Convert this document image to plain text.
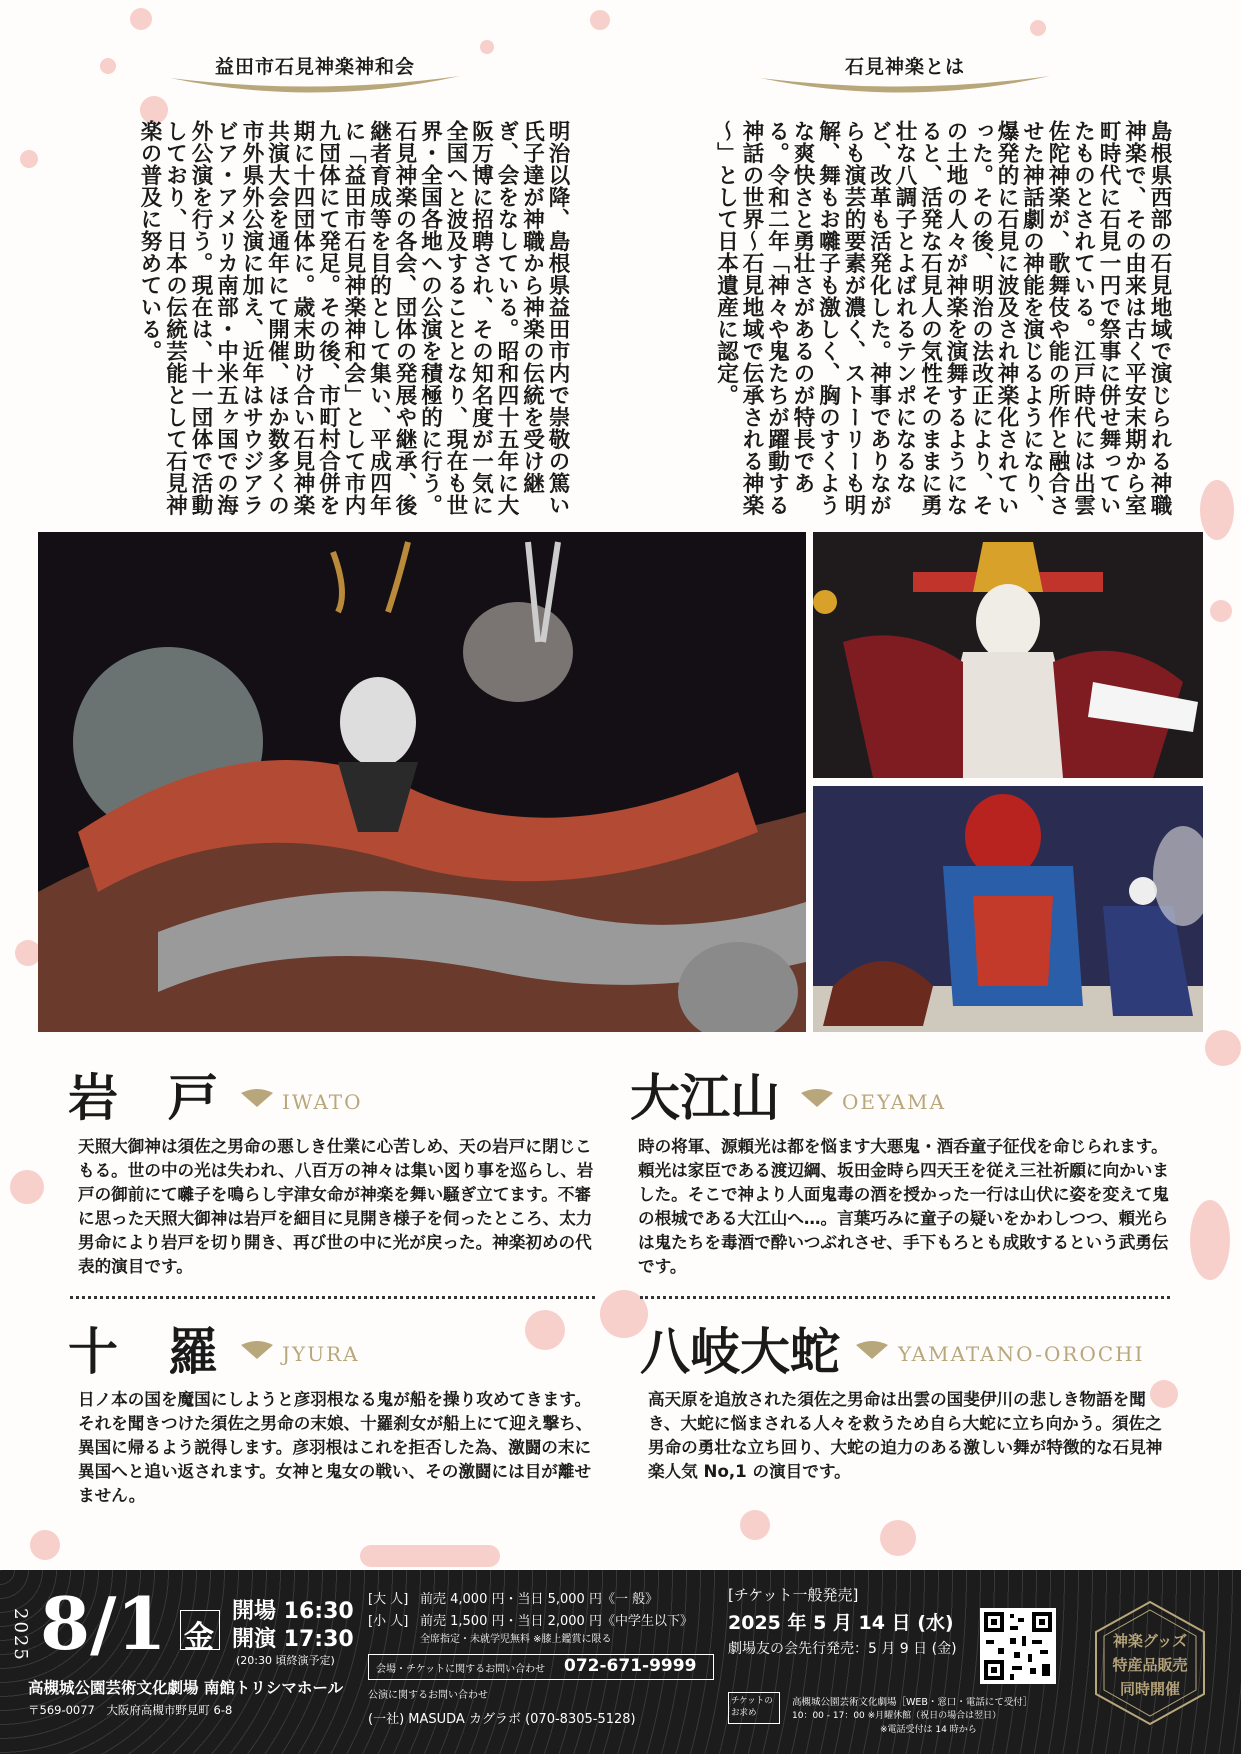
益田市石見神楽神和会	石見神楽とは
明治以降、島根県益田市内で崇敬の篤い氏子達が神職から神楽の伝統を受け継ぎ、会をなしている。昭和四十五年に大阪万博に招聘され、その知名度が一気に全国へと波及することとなり、現在も世界・全国各地への公演を積極的に行う。石見神楽の各会、団体の発展や継承、後継者育成等を目的として集い、平成四年に「益田市石見神楽神和会」として市内九団体にて発足。その後、市町村合併を期に十四団体に。歳末助け合い石見神楽共演大会を通年にて開催、ほか数多くの市外県外公演に加え、近年はサウジアラビア・アメリカ南部・中米五ヶ国での海外公演を行う。現在は、十一団体で活動しており、日本の伝統芸能として石見神楽の普及に努めている。	島根県西部の石見地域で演じられる神職神楽で、その由来は古く平安末期から室町時代に石見一円で祭事に併せ舞っていたものとされている。江戸時代には出雲佐陀神楽が、歌舞伎や能の所作と融合させた神話劇の神能を演じるようになり、爆発的に石見に波及され神楽化されていった。その後、明治の法改正により、その土地の人々が神楽を演舞するようになると、活発な石見人の気性そのままに勇壮な八調子とよばれるテンポになるなど、改革も活発化した。神事でありながらも演芸的要素が濃く、ストーリーも明解、舞もお囃子も激しく、胸のすくような爽快さと勇壮さがあるのが特長である。令和二年「神々や鬼たちが躍動する神話の世界～石見地域で伝承される神楽～」として日本遺産に認定。
岩　戸	IWATO
天照大御神は須佐之男命の悪しき仕業に心苦しめ、天の岩戸に閉じこもる。世の中の光は失われ、八百万の神々は集い図り事を巡らし、岩戸の御前にて囃子を鳴らし宇津女命が神楽を舞い騒ぎ立てます。不審に思った天照大御神は岩戸を細目に見開き様子を伺ったところ、太力男命により岩戸を切り開き、再び世の中に光が戻った。神楽初めの代表的演目です。
大江山	OEYAMA
時の将軍、源頼光は都を悩ます大悪鬼・酒呑童子征伐を命じられます。頼光は家臣である渡辺綱、坂田金時ら四天王を従え三社祈願に向かいました。そこで神より人面鬼毒の酒を授かった一行は山伏に姿を変えて鬼の根城である大江山へ…。言葉巧みに童子の疑いをかわしつつ、頼光らは鬼たちを毒酒で酔いつぶれさせ、手下もろとも成敗するという武勇伝です。
十　羅	JYURA
日ノ本の国を魔国にしようと彦羽根なる鬼が船を操り攻めてきます。それを聞きつけた須佐之男命の末娘、十羅刹女が船上にて迎え撃ち、異国に帰るよう説得します。彦羽根はこれを拒否した為、激闘の末に異国へと追い返されます。女神と鬼女の戦い、その激闘には目が離せません。
八岐大蛇	YAMATANO-OROCHI
高天原を追放された須佐之男命は出雲の国斐伊川の悲しき物語を聞き、大蛇に悩まされる人々を救うため自ら大蛇に立ち向かう。須佐之男命の勇壮な立ち回り、大蛇の迫力のある激しい舞が特徴的な石見神楽人気 No,1 の演目です。
2025 8/1 金
開場 16:30
開演 17:30
(20:30 頃終演予定)
高槻城公園芸術文化劇場 南館トリシマホール
〒569-0077　大阪府高槻市野見町 6-8
[大 人] 前売 4,000 円・当日 5,000 円《一 般》
[小 人] 前売 1,500 円・当日 2,000 円《中学生以下》
全席指定・未就学児無料 ※膝上鑑賞に限る
会場・チケットに関するお問い合わせ 072-671-9999
公演に関するお問い合わせ
(一社) MASUDA カグラボ (070-8305-5128)
[チケット一般発売]
2025 年 5 月 14 日 (水)
劇場友の会先行発売：5 月 9 日 (金)
チケットのお求め
高槻城公園芸術文化劇場［WEB・窓口・電話にて受付］
10：00 - 17：00 ※月曜休館（祝日の場合は翌日）
※電話受付は 14 時から
神楽グッズ
特産品販売
同時開催
